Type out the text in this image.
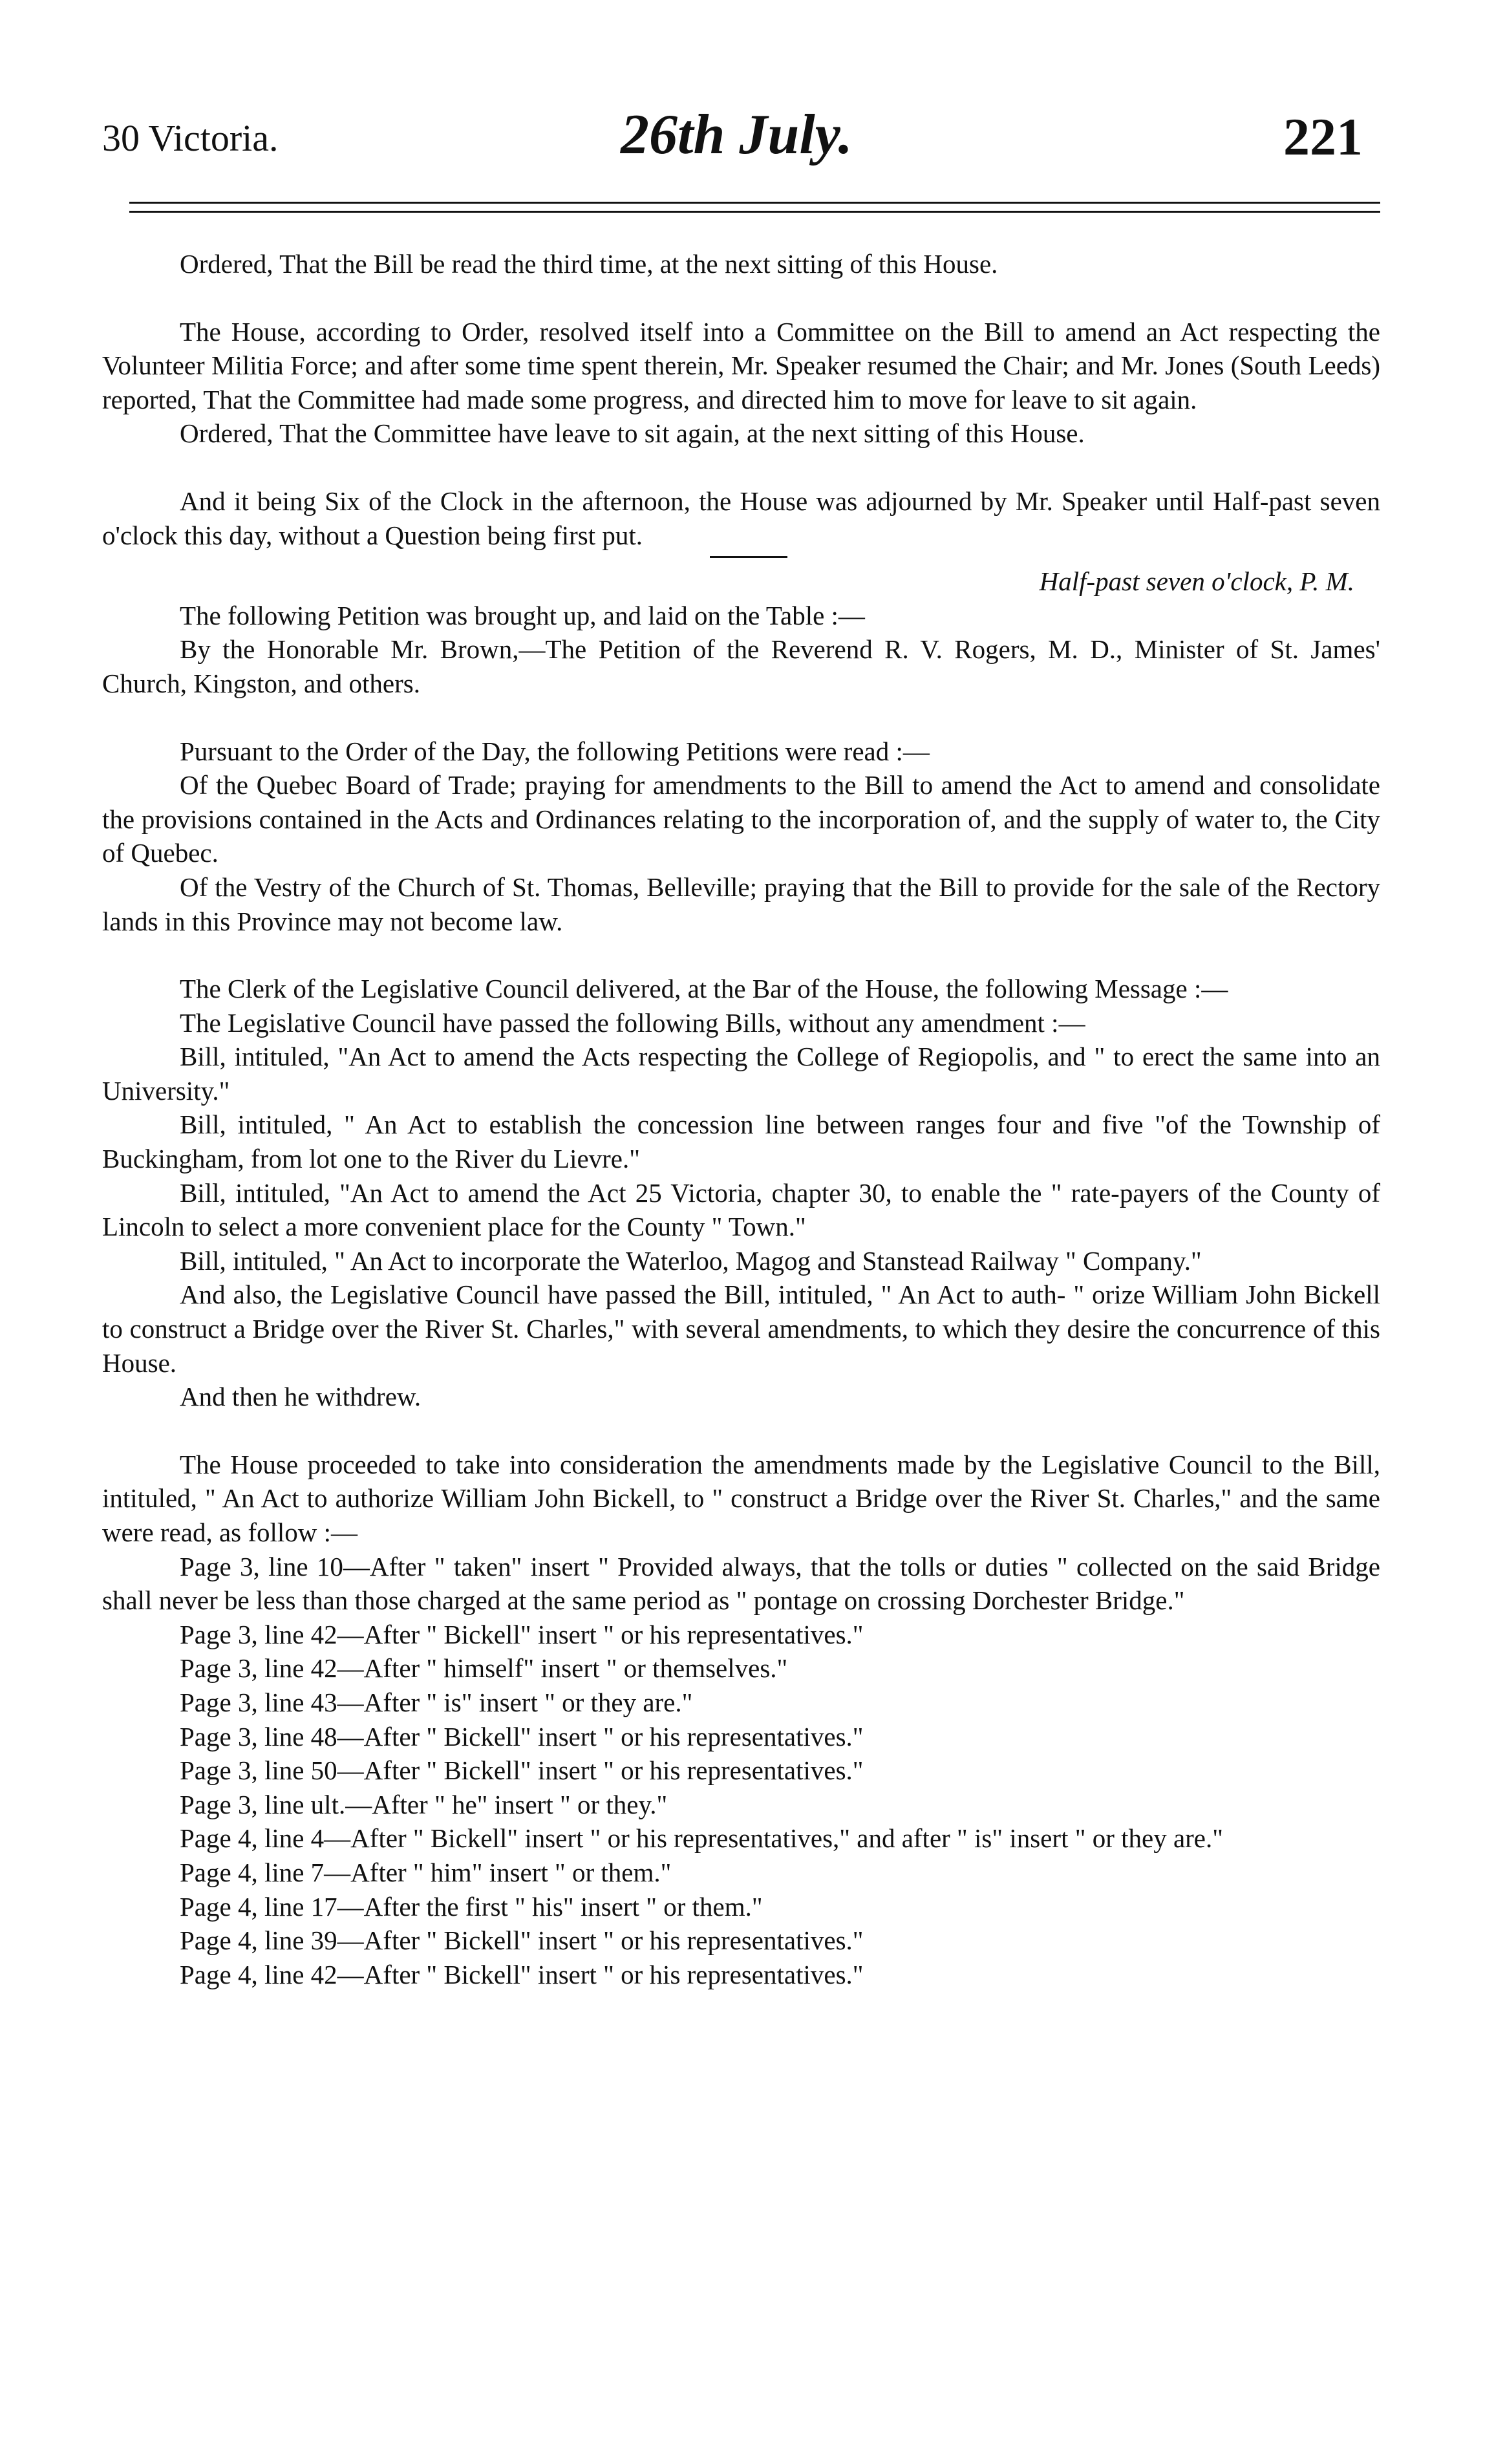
30 Victoria.	26th July.	221

Ordered, That the Bill be read the third time, at the next sitting of this House.

The House, according to Order, resolved itself into a Committee on the Bill to amend an Act respecting the Volunteer Militia Force; and after some time spent therein, Mr. Speaker resumed the Chair; and Mr. Jones (South Leeds) reported, That the Committee had made some progress, and directed him to move for leave to sit again.

Ordered, That the Committee have leave to sit again, at the next sitting of this House.

And it being Six of the Clock in the afternoon, the House was adjourned by Mr. Speaker until Half-past seven o'clock this day, without a Question being first put.

Half-past seven o'clock, P. M.

The following Petition was brought up, and laid on the Table :—

By the Honorable Mr. Brown,—The Petition of the Reverend R. V. Rogers, M. D., Minister of St. James' Church, Kingston, and others.

Pursuant to the Order of the Day, the following Petitions were read :—

Of the Quebec Board of Trade; praying for amendments to the Bill to amend the Act to amend and consolidate the provisions contained in the Acts and Ordinances relating to the incorporation of, and the supply of water to, the City of Quebec.

Of the Vestry of the Church of St. Thomas, Belleville; praying that the Bill to provide for the sale of the Rectory lands in this Province may not become law.

The Clerk of the Legislative Council delivered, at the Bar of the House, the following Message :—

The Legislative Council have passed the following Bills, without any amendment :—

Bill, intituled, "An Act to amend the Acts respecting the College of Regiopolis, and " to erect the same into an University."

Bill, intituled, " An Act to establish the concession line between ranges four and five "of the Township of Buckingham, from lot one to the River du Lievre."

Bill, intituled, "An Act to amend the Act 25 Victoria, chapter 30, to enable the " rate-payers of the County of Lincoln to select a more convenient place for the County " Town."

Bill, intituled, " An Act to incorporate the Waterloo, Magog and Stanstead Railway " Company."

And also, the Legislative Council have passed the Bill, intituled, " An Act to auth- " orize William John Bickell to construct a Bridge over the River St. Charles," with several amendments, to which they desire the concurrence of this House.

And then he withdrew.

The House proceeded to take into consideration the amendments made by the Legislative Council to the Bill, intituled, " An Act to authorize William John Bickell, to " construct a Bridge over the River St. Charles," and the same were read, as follow :—

Page 3, line 10—After " taken" insert " Provided always, that the tolls or duties " collected on the said Bridge shall never be less than those charged at the same period as " pontage on crossing Dorchester Bridge."

Page 3, line 42—After " Bickell" insert " or his representatives."

Page 3, line 42—After " himself" insert " or themselves."

Page 3, line 43—After " is" insert " or they are."

Page 3, line 48—After " Bickell" insert " or his representatives."

Page 3, line 50—After " Bickell" insert " or his representatives."

Page 3, line ult.—After " he" insert " or they."

Page 4, line 4—After " Bickell" insert " or his representatives," and after " is" insert " or they are."

Page 4, line 7—After " him" insert " or them."

Page 4, line 17—After the first " his" insert " or them."

Page 4, line 39—After " Bickell" insert " or his representatives."

Page 4, line 42—After " Bickell" insert " or his representatives."
